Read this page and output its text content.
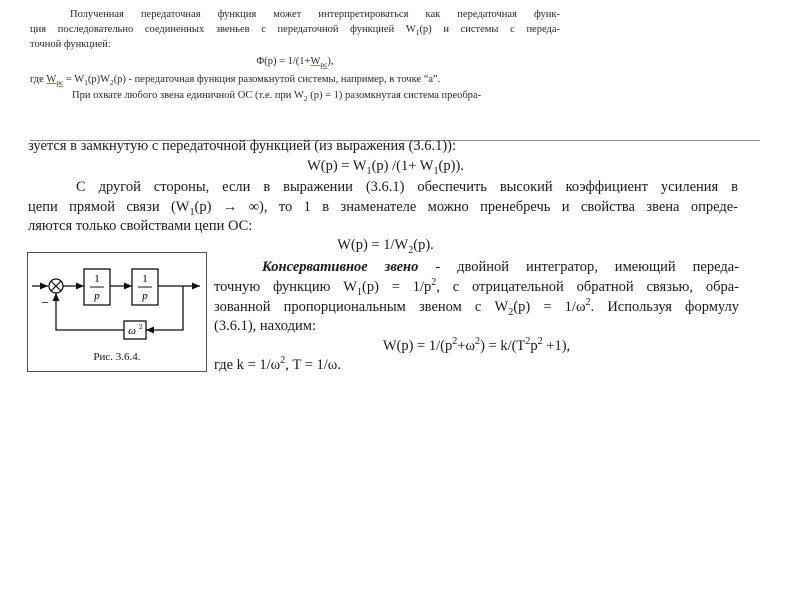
Полученная передаточная функция может интерпретироваться как передаточная функ-
ция последовательно соединенных звеньев с передаточной функцией $W_1(p)$ и системы с переда-
точной функцией:
$\Phi(p) = 1/(1+W_{pc})$,
где $W_{pc} = W_1(p)W_2(p)$ - передаточная функция разомкнутой системы, например, в точке “a”.
При охвате любого звена единичной ОС (т.е. при $W_2$ (p) = 1) разомкнутая система преобра-
зуется в замкнутую с передаточной функцией (из выражения (3.6.1)):
$W(p) = W_1(p)$ $/(1+ W_1(p))$.
С другой стороны, если в выражении (3.6.1) обеспечить высокий коэффициент усиления в
цепи прямой связи ($W_1(p)$ → ∞), то 1 в знаменателе можно пренебречь и свойства звена опреде-
ляются только свойствами цепи ОС:
$W(p) = 1/W_2(p)$.
Консервативное звено - двойной интегратор, имеющий переда-
точную функцию $W_1(p) = 1/p^2$, с отрицательной обратной связью, обра-
зованной пропорциональным звеном с $W_2(p) = 1/\omega^2$. Используя формулу
(3.6.1), находим:
$W(p) = 1/(p^2+\omega^2) = k/(T^2p^2 +1)$,
где $k = 1/\omega^2$, T = 1/ω.
−
1
p
1
p
ω 2
Рис. 3.6.4.
